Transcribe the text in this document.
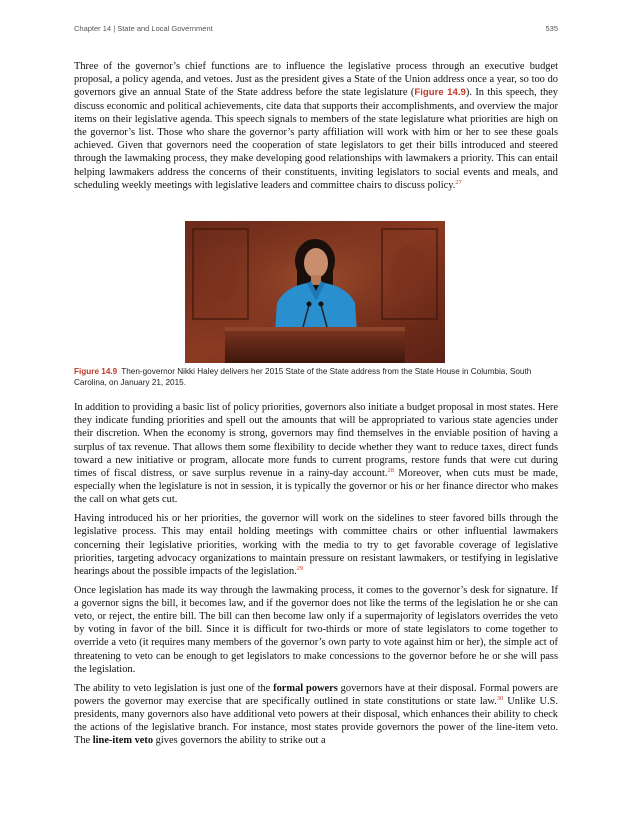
Chapter 14 | State and Local Government	535

Three of the governor’s chief functions are to influence the legislative process through an executive budget proposal, a policy agenda, and vetoes. Just as the president gives a State of the Union address once a year, so too do governors give an annual State of the State address before the state legislature (Figure 14.9). In this speech, they discuss economic and political achievements, cite data that supports their accomplishments, and overview the major items on their legislative agenda. This speech signals to members of the state legislature what priorities are high on the governor’s list. Those who share the governor’s party affiliation will work with him or her to see these goals achieved. Given that governors need the cooperation of state legislators to get their bills introduced and steered through the lawmaking process, they make developing good relationships with lawmakers a priority. This can entail helping lawmakers address the concerns of their constituents, inviting legislators to social events and meals, and scheduling weekly meetings with legislative leaders and committee chairs to discuss policy.$^{27}$

Figure 14.9 Then-governor Nikki Haley delivers her 2015 State of the State address from the State House in Columbia, South Carolina, on January 21, 2015.

In addition to providing a basic list of policy priorities, governors also initiate a budget proposal in most states. Here they indicate funding priorities and spell out the amounts that will be appropriated to various state agencies under their discretion. When the economy is strong, governors may find themselves in the enviable position of having a surplus of tax revenue. That allows them some flexibility to decide whether they want to reduce taxes, direct funds toward a new initiative or program, allocate more funds to current programs, restore funds that were cut during times of fiscal distress, or save surplus revenue in a rainy-day account.$^{28}$ Moreover, when cuts must be made, especially when the legislature is not in session, it is typically the governor or his or her finance director who makes the call on what gets cut.

Having introduced his or her priorities, the governor will work on the sidelines to steer favored bills through the legislative process. This may entail holding meetings with committee chairs or other influential lawmakers concerning their legislative priorities, working with the media to try to get favorable coverage of legislative priorities, targeting advocacy organizations to maintain pressure on resistant lawmakers, or testifying in legislative hearings about the possible impacts of the legislation.$^{29}$

Once legislation has made its way through the lawmaking process, it comes to the governor’s desk for signature. If a governor signs the bill, it becomes law, and if the governor does not like the terms of the legislation he or she can veto, or reject, the entire bill. The bill can then become law only if a supermajority of legislators overrides the veto by voting in favor of the bill. Since it is difficult for two-thirds or more of state legislators to come together to override a veto (it requires many members of the governor’s own party to vote against him or her), the simple act of threatening to veto can be enough to get legislators to make concessions to the governor before he or she will pass the legislation.

The ability to veto legislation is just one of the formal powers governors have at their disposal. Formal powers are powers the governor may exercise that are specifically outlined in state constitutions or state law.$^{30}$ Unlike U.S. presidents, many governors also have additional veto powers at their disposal, which enhances their ability to check the actions of the legislative branch. For instance, most states provide governors the power of the line-item veto. The line-item veto gives governors the ability to strike out a
